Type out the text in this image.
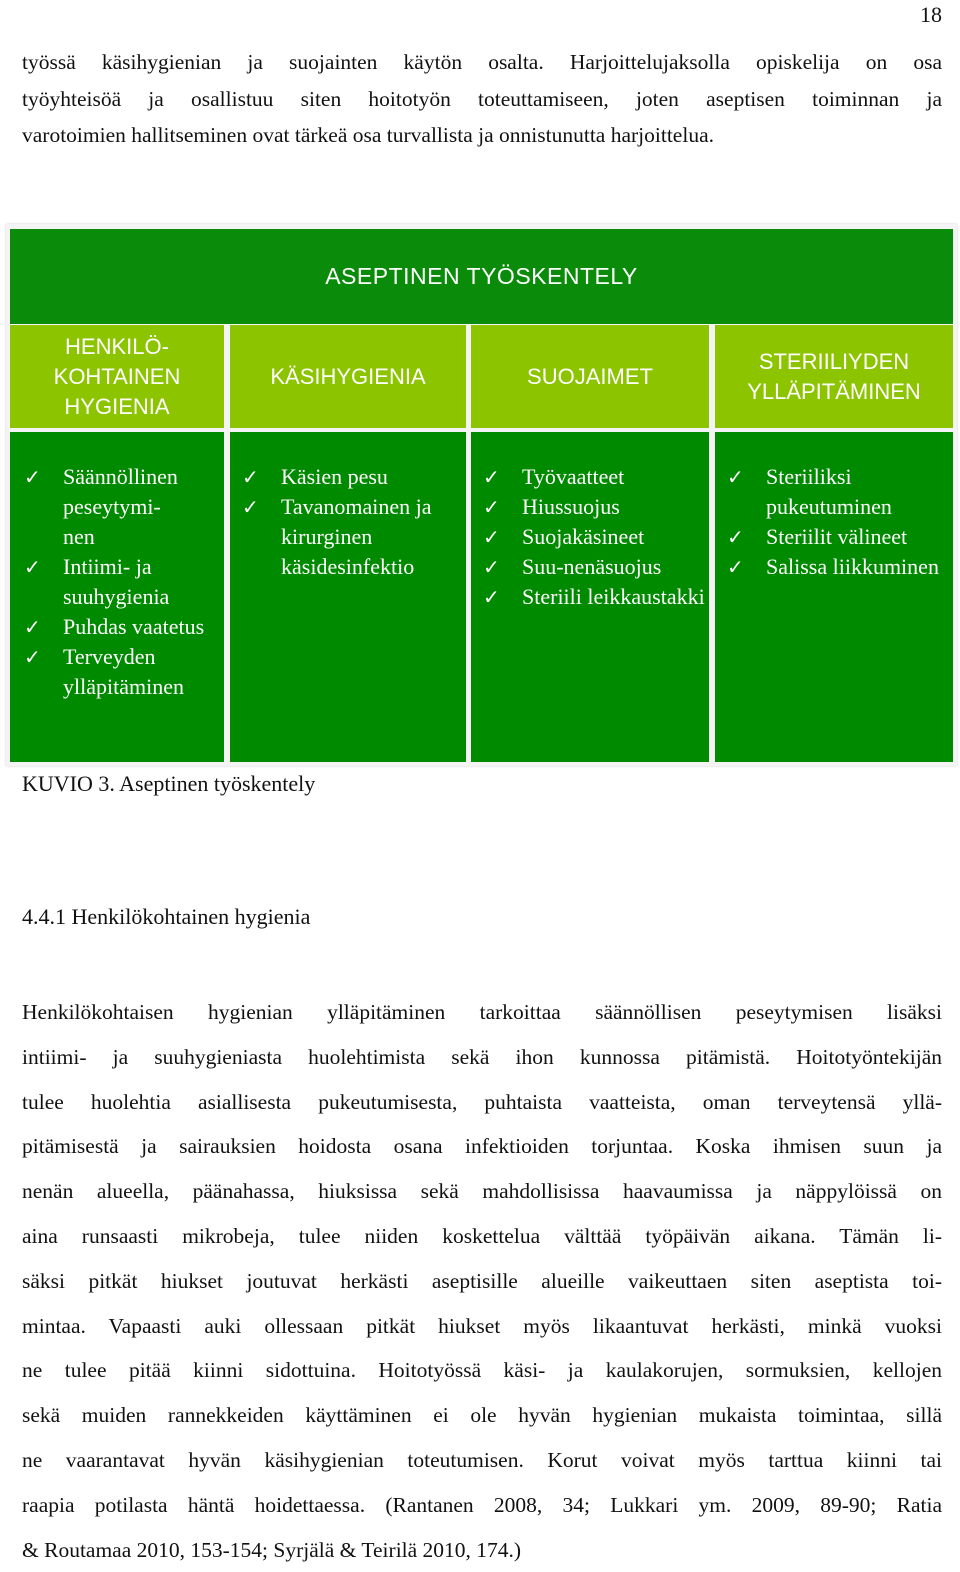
18
työssä käsihygienian ja suojainten käytön osalta. Harjoittelujaksolla opiskelija on osa
työyhteisöä ja osallistuu siten hoitotyön toteuttamiseen, joten aseptisen toiminnan ja
varotoimien hallitseminen ovat tärkeä osa turvallista ja onnistunutta harjoittelua.
ASEPTINEN TYÖSKENTELY
HENKILÖ-
KOHTAINEN
HYGIENIA
KÄSIHYGIENIA	SUOJAIMET
STERIILIYDEN YLLÄPITÄMINEN
✓ Säännöllinen peseytymi-
nen
✓ Intiimi- ja suuhygienia
✓ Puhdas vaatetus
✓ Terveyden ylläpitäminen
✓ Käsien pesu
✓ Tavanomainen ja kirurginen käsidesinfektio
✓ Työvaatteet
✓ Hiussuojus
✓ Suojakäsineet
✓ Suu-nenäsuojus
✓ Steriili leikkaustakki
✓ Steriiliksi pukeutuminen
✓ Steriilit välineet
✓ Salissa liikkuminen
KUVIO 3. Aseptinen työskentely
4.4.1 Henkilökohtainen hygienia
Henkilökohtaisen hygienian ylläpitäminen tarkoittaa säännöllisen peseytymisen lisäksi
intiimi- ja suuhygieniasta huolehtimista sekä ihon kunnossa pitämistä. Hoitotyöntekijän
tulee huolehtia asiallisesta pukeutumisesta, puhtaista vaatteista, oman terveytensä yllä-
pitämisestä ja sairauksien hoidosta osana infektioiden torjuntaa. Koska ihmisen suun ja
nenän alueella, päänahassa, hiuksissa sekä mahdollisissa haavaumissa ja näppylöissä on
aina runsaasti mikrobeja, tulee niiden kosketteluа välttää työpäivän aikana. Tämän li-
säksi pitkät hiukset joutuvat herkästi aseptisille alueille vaikeuttaen siten aseptista toi-
mintaa. Vapaasti auki ollessaan pitkät hiukset myös likaantuvat herkästi, minkä vuoksi
ne tulee pitää kiinni sidottuina. Hoitotyössä käsi- ja kaulakorujen, sormuksien, kellojen
sekä muiden rannekkeiden käyttäminen ei ole hyvän hygienian mukaista toimintaa, sillä
ne vaarantavat hyvän käsihygienian toteutumisen. Korut voivat myös tarttua kiinni tai
raapia potilasta häntä hoidettaessa. (Rantanen 2008, 34; Lukkari ym. 2009, 89-90; Ratia
& Routamaa 2010, 153-154; Syrjälä & Teirilä 2010, 174.)
